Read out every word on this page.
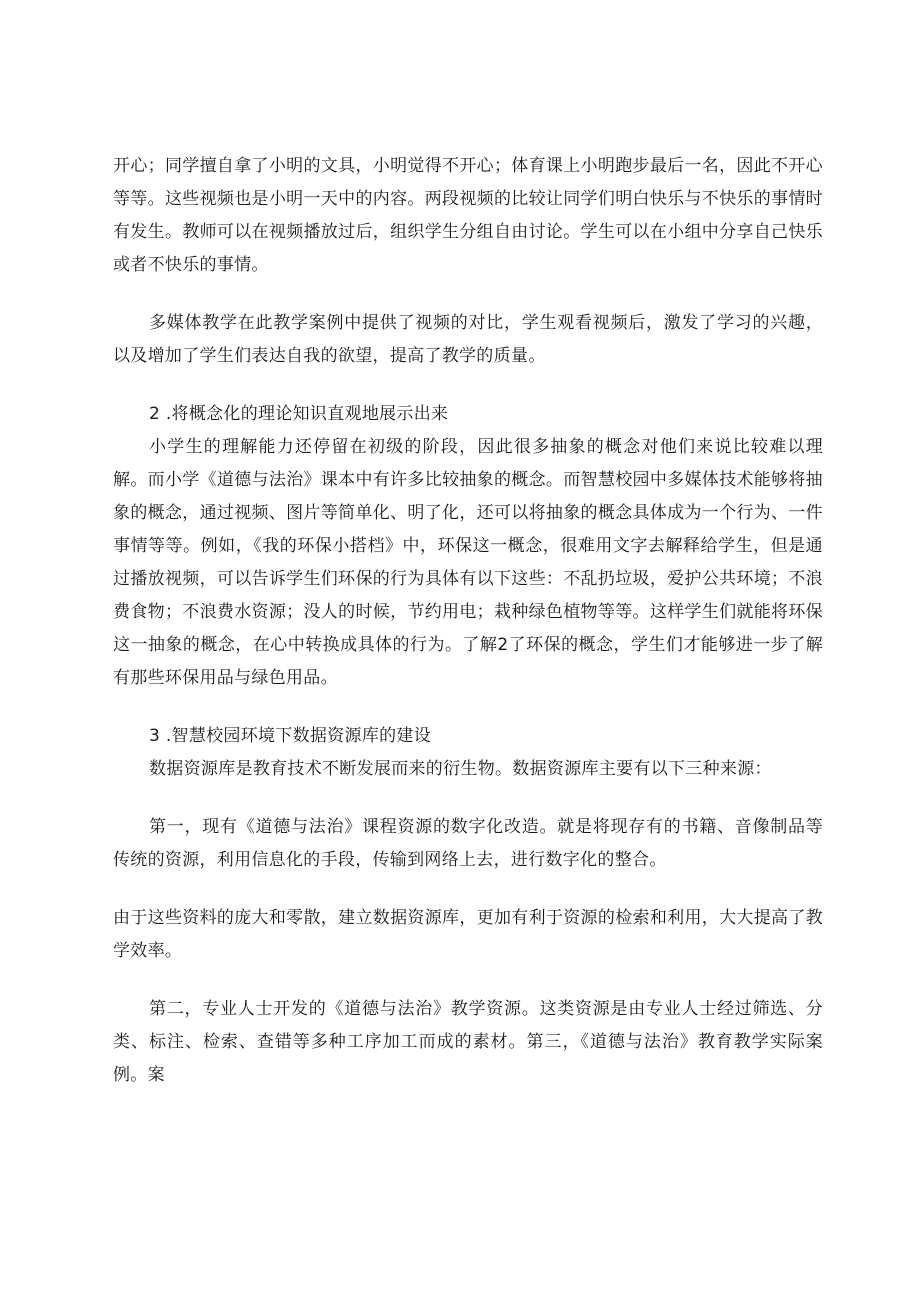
开心；同学擅自拿了小明的文具，小明觉得不开心；体育课上小明跑步最后一名，因此不开心等等。这些视频也是小明一天中的内容。两段视频的比较让同学们明白快乐与不快乐的事情时有发生。教师可以在视频播放过后，组织学生分组自由讨论。学生可以在小组中分享自己快乐或者不快乐的事情。

多媒体教学在此教学案例中提供了视频的对比，学生观看视频后，激发了学习的兴趣，以及增加了学生们表达自我的欲望，提高了教学的质量。

2 .将概念化的理论知识直观地展示出来

小学生的理解能力还停留在初级的阶段，因此很多抽象的概念对他们来说比较难以理解。而小学《道德与法治》课本中有许多比较抽象的概念。而智慧校园中多媒体技术能够将抽象的概念，通过视频、图片等简单化、明了化，还可以将抽象的概念具体成为一个行为、一件事情等等。例如，《我的环保小搭档》中，环保这一概念，很难用文字去解释给学生，但是通过播放视频，可以告诉学生们环保的行为具体有以下这些：不乱扔垃圾，爱护公共环境；不浪费食物；不浪费水资源；没人的时候，节约用电；栽种绿色植物等等。这样学生们就能将环保这一抽象的概念，在心中转换成具体的行为。了解2了环保的概念，学生们才能够进一步了解有那些环保用品与绿色用品。

3 .智慧校园环境下数据资源库的建设

数据资源库是教育技术不断发展而来的衍生物。数据资源库主要有以下三种来源：

第一，现有《道德与法治》课程资源的数字化改造。就是将现存有的书籍、音像制品等传统的资源，利用信息化的手段，传输到网络上去，进行数字化的整合。

由于这些资料的庞大和零散，建立数据资源库，更加有利于资源的检索和利用，大大提高了教学效率。

第二，专业人士开发的《道德与法治》教学资源。这类资源是由专业人士经过筛选、分类、标注、检索、查错等多种工序加工而成的素材。第三，《道德与法治》教育教学实际案例。案
